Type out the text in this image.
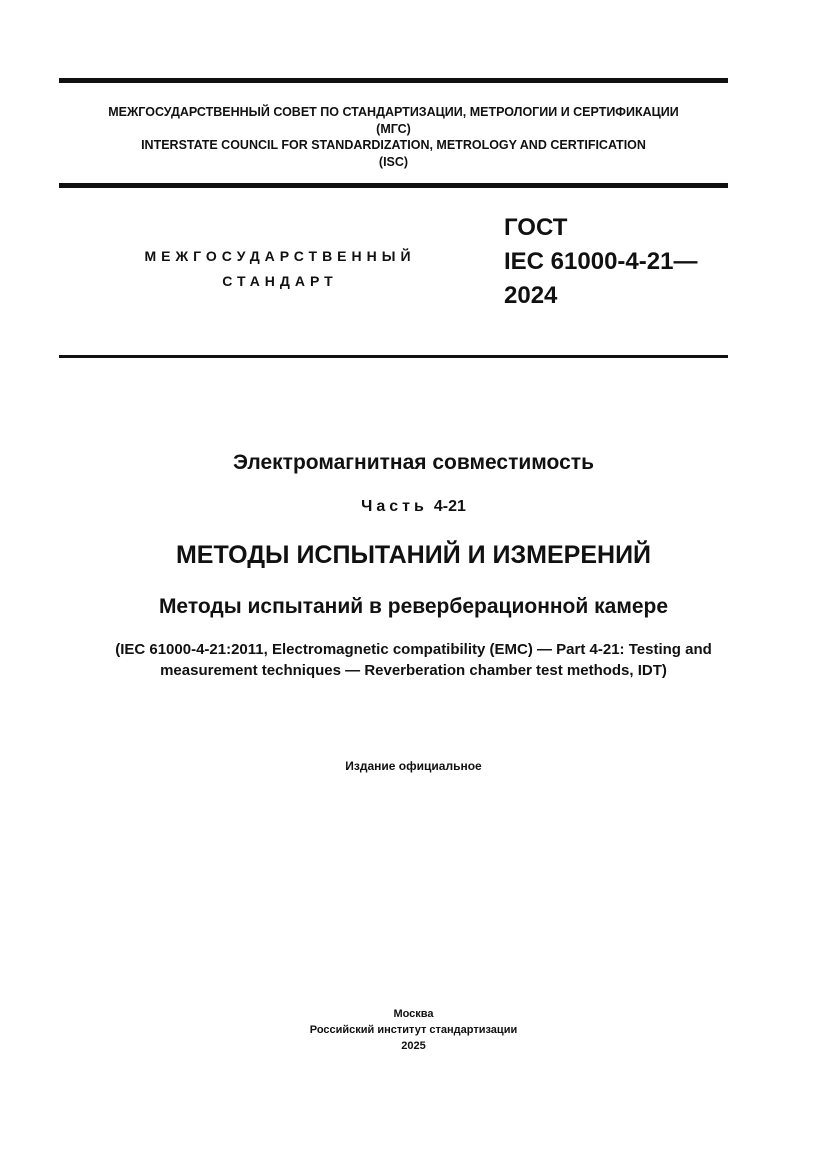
МЕЖГОСУДАРСТВЕННЫЙ СОВЕТ ПО СТАНДАРТИЗАЦИИ, МЕТРОЛОГИИ И СЕРТИФИКАЦИИ
(МГС)
INTERSTATE COUNCIL FOR STANDARDIZATION, METROLOGY AND CERTIFICATION
(ISC)
МЕЖГОСУДАРСТВЕННЫЙ
СТАНДАРТ
ГОСТ
IEC 61000-4-21—
2024
Электромагнитная совместимость
Часть 4-21
МЕТОДЫ ИСПЫТАНИЙ И ИЗМЕРЕНИЙ
Методы испытаний в реверберационной камере
(IEC 61000-4-21:2011, Electromagnetic compatibility (EMC) — Part 4-21: Testing and
measurement techniques — Reverberation chamber test methods, IDT)
Издание официальное
Москва
Российский институт стандартизации
2025
